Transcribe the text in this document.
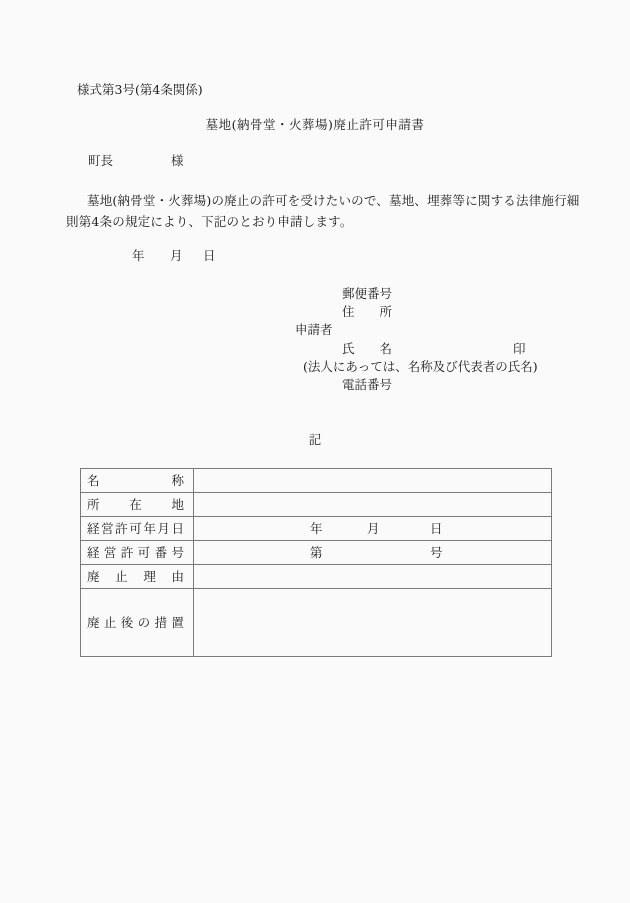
様式第3号(第4条関係)
墓地(納骨堂・火葬場)廃止許可申請書
町長	様
墓地(納骨堂・火葬場)の廃止の許可を受けたいので、墓地、埋葬等に関する法律施行細
則第4条の規定により、下記のとおり申請します。
年 月 日
郵便番号
住　　所
申請者
氏　　名	印
(法人にあっては、名称及び代表者の氏名)
電話番号
記
名 称	

所 在 地	

経 営 許 可 年 月 日	年	月	日

経 営 許 可 番 号	第	号

廃 止 理 由	

廃 止 後 の 措 置
